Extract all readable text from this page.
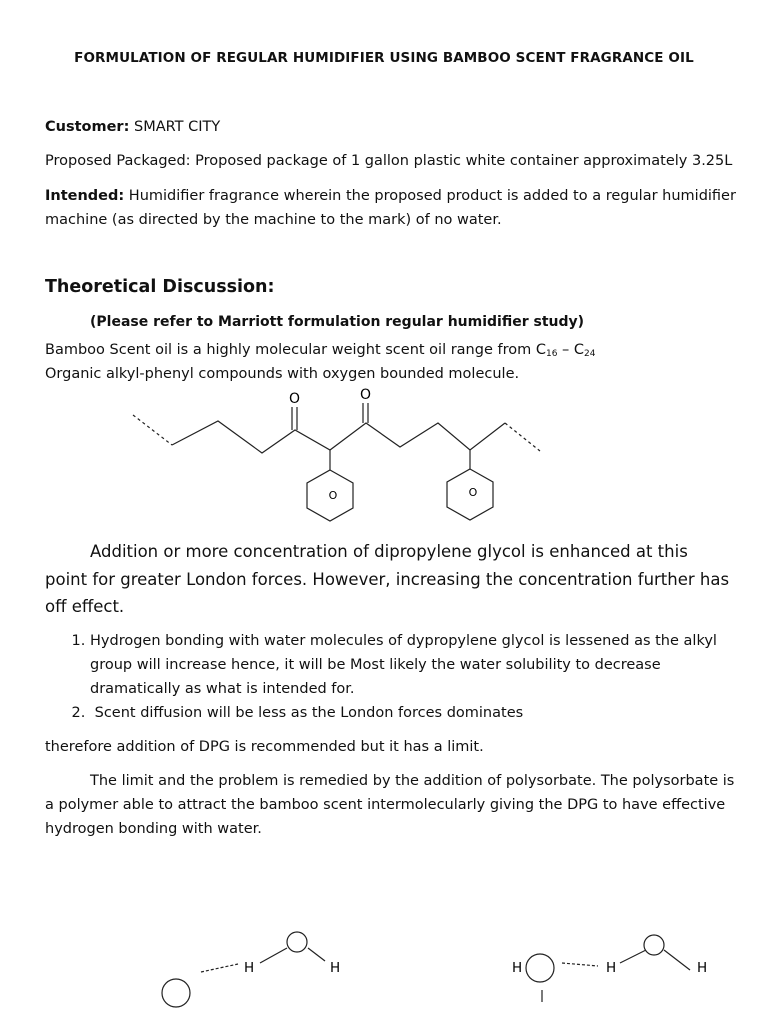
FORMULATION OF REGULAR HUMIDIFIER USING BAMBOO SCENT FRAGRANCE OIL
Customer: SMART CITY
Proposed Packaged: Proposed package of 1 gallon plastic white container approximately 3.25L
Intended: Humidifier fragrance wherein the proposed product is added to a regular humidifier
machine (as directed by the machine to the mark) of no water.
Theoretical Discussion:
(Please refer to Marriott formulation regular humidifier study)
Bamboo Scent oil is a highly molecular weight scent oil range from $C_{16} - C_{24}$
Organic alkyl-phenyl compounds with oxygen bounded molecule.
O	O
O	O
Addition or more concentration of dipropylene glycol is enhanced at this
point for greater London forces. However, increasing the concentration further has
off effect.
1. Hydrogen bonding with water molecules of dypropylene glycol is lessened as the alkyl group will increase hence, it will be Most likely the water solubility to decrease dramatically as what is intended for.
2.  Scent diffusion will be less as the London forces dominates
therefore addition of DPG is recommended but it has a limit.
The limit and the problem is remedied by the addition of polysorbate. The polysorbate is
a polymer able to attract the bamboo scent intermolecularly giving the DPG to have effective
hydrogen bonding with water.
H	H	H	H	H
